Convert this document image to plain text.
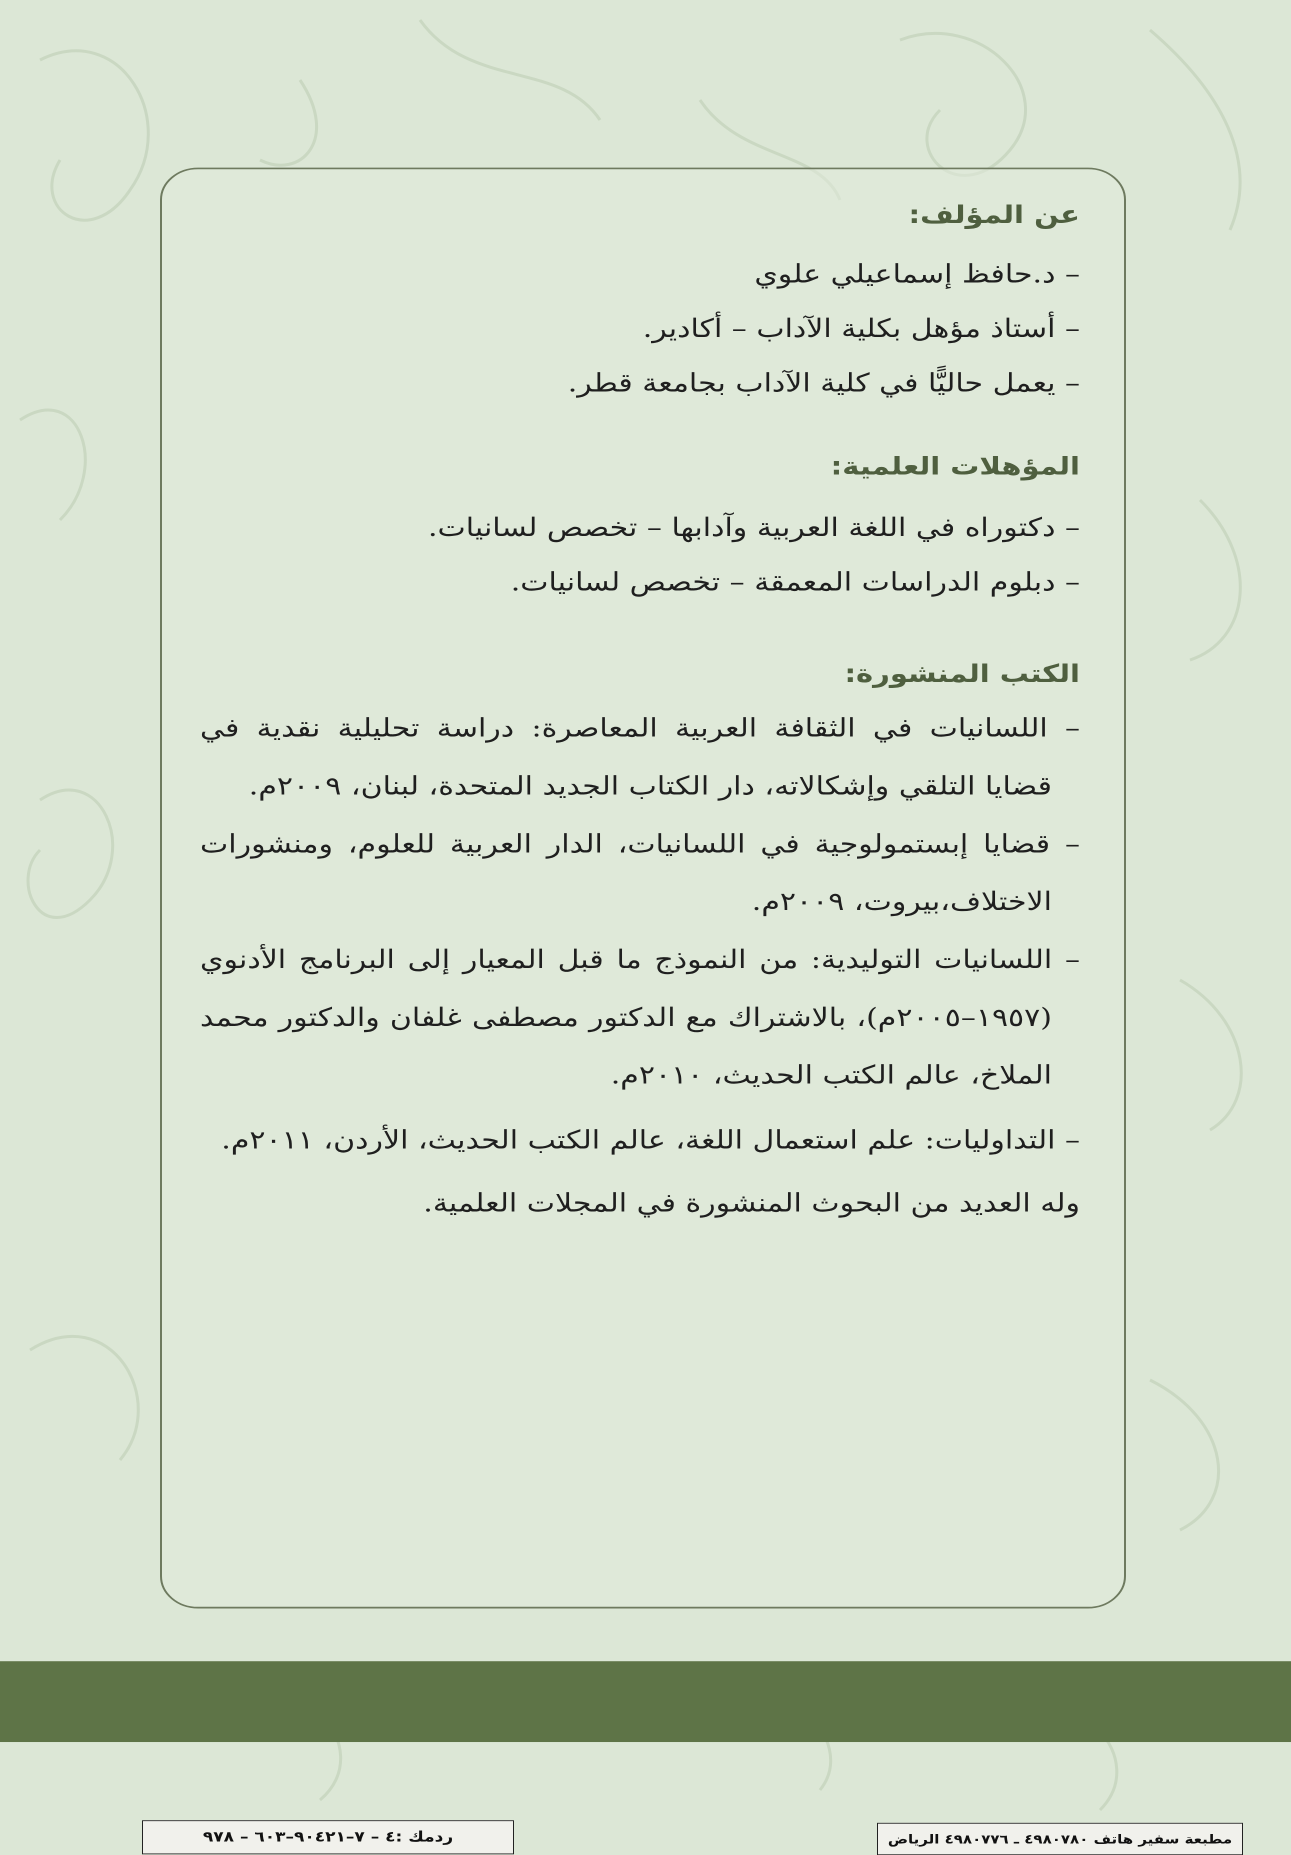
عن المؤلف:

– د.حافظ إسماعيلي علوي

– أستاذ مؤهل بكلية الآداب – أكادير.

– يعمل حاليًّا في كلية الآداب بجامعة قطر.

المؤهلات العلمية:

– دكتوراه في اللغة العربية وآدابها – تخصص لسانيات.

– دبلوم الدراسات المعمقة – تخصص لسانيات.

الكتب المنشورة:

– اللسانيات في الثقافة العربية المعاصرة: دراسة تحليلية نقدية في قضايا التلقي وإشكالاته، دار الكتاب الجديد المتحدة، لبنان، ٢٠٠٩م.

– قضايا إبستمولوجية في اللسانيات، الدار العربية للعلوم، ومنشورات الاختلاف،بيروت، ٢٠٠٩م.

– اللسانيات التوليدية: من النموذج ما قبل المعيار إلى البرنامج الأدنوي (١٩٥٧–٢٠٠٥م)، بالاشتراك مع الدكتور مصطفى غلفان والدكتور محمد الملاخ، عالم الكتب الحديث، ٢٠١٠م.

– التداوليات: علم استعمال اللغة، عالم الكتب الحديث، الأردن، ٢٠١١م.

وله العديد من البحوث المنشورة في المجلات العلمية.

مطبعة سفير هاتف ٤٩٨٠٧٨٠ ـ ٤٩٨٠٧٧٦ الرياض
ردمك :٤ – ٧–٩٠٤٢١–٦٠٣ – ٩٧٨
